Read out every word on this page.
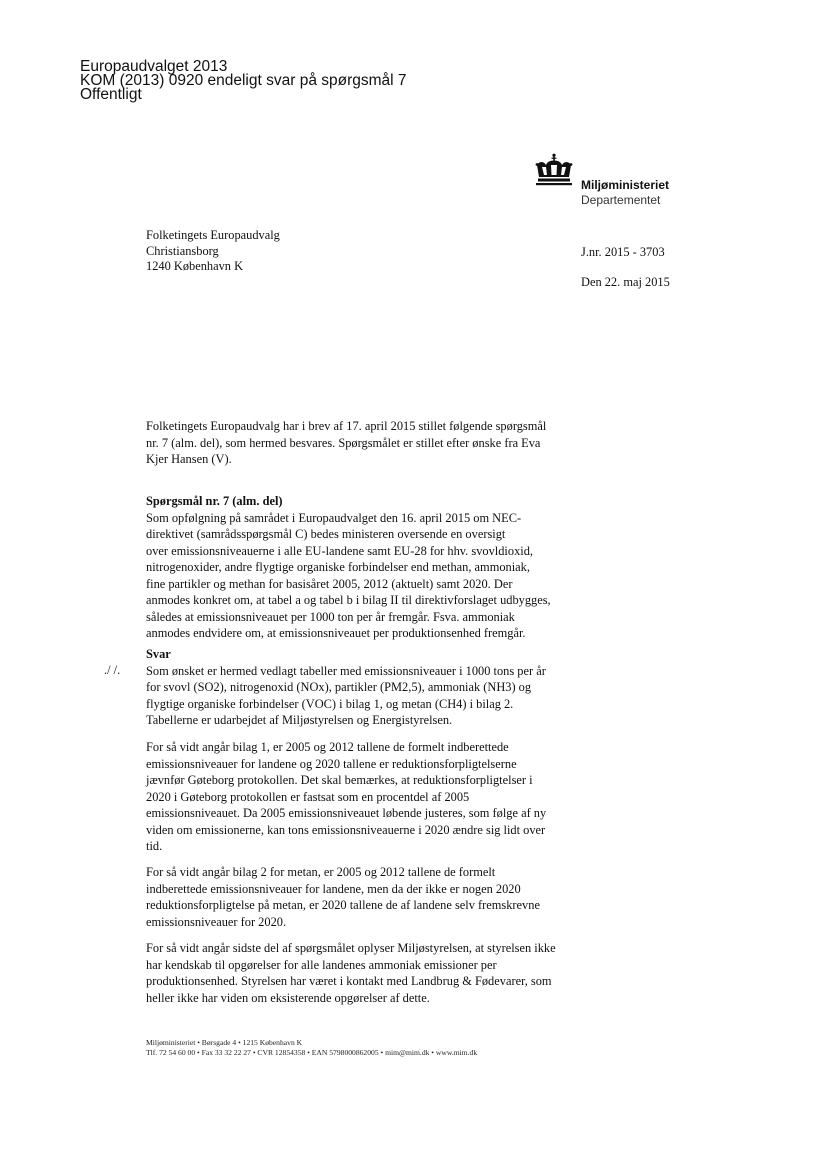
Europaudvalget 2013
KOM (2013) 0920 endeligt svar på spørgsmål 7
Offentligt
Miljøministeriet
Departementet
Folketingets Europaudvalg
Christiansborg
1240 København K
J.nr. 2015 - 3703
Den 22. maj 2015
Folketingets Europaudvalg har i brev af 17. april 2015 stillet følgende spørgsmål
nr. 7 (alm. del), som hermed besvares. Spørgsmålet er stillet efter ønske fra Eva
Kjer Hansen (V).
Spørgsmål nr. 7 (alm. del)
Som opfølgning på samrådet i Europaudvalget den 16. april 2015 om NEC-
direktivet (samrådsspørgsmål C) bedes ministeren oversende en oversigt
over emissionsniveauerne i alle EU-landene samt EU-28 for hhv. svovldioxid,
nitrogenoxider, andre flygtige organiske forbindelser end methan, ammoniak,
fine partikler og methan for basisåret 2005, 2012 (aktuelt) samt 2020. Der
anmodes konkret om, at tabel a og tabel b i bilag II til direktivforslaget udbygges,
således at emissionsniveauet per 1000 ton per år fremgår. Fsva. ammoniak
anmodes endvidere om, at emissionsniveauet per produktionsenhed fremgår.
./ /.
Svar
Som ønsket er hermed vedlagt tabeller med emissionsniveauer i 1000 tons per år
for svovl (SO2), nitrogenoxid (NOx), partikler (PM2,5), ammoniak (NH3) og
flygtige organiske forbindelser (VOC) i bilag 1, og metan (CH4) i bilag 2.
Tabellerne er udarbejdet af Miljøstyrelsen og Energistyrelsen.
For så vidt angår bilag 1, er 2005 og 2012 tallene de formelt indberettede
emissionsniveauer for landene og 2020 tallene er reduktionsforpligtelserne
jævnfør Gøteborg protokollen. Det skal bemærkes, at reduktionsforpligtelser i
2020 i Gøteborg protokollen er fastsat som en procentdel af 2005
emissionsniveauet. Da 2005 emissionsniveauet løbende justeres, som følge af ny
viden om emissionerne, kan tons emissionsniveauerne i 2020 ændre sig lidt over
tid.
For så vidt angår bilag 2 for metan, er 2005 og 2012 tallene de formelt
indberettede emissionsniveauer for landene, men da der ikke er nogen 2020
reduktionsforpligtelse på metan, er 2020 tallene de af landene selv fremskrevne
emissionsniveauer for 2020.
For så vidt angår sidste del af spørgsmålet oplyser Miljøstyrelsen, at styrelsen ikke
har kendskab til opgørelser for alle landenes ammoniak emissioner per
produktionsenhed. Styrelsen har været i kontakt med Landbrug & Fødevarer, som
heller ikke har viden om eksisterende opgørelser af dette.
Miljøministeriet • Børsgade 4 • 1215 København K
Tlf. 72 54 60 00 • Fax 33 32 22 27 • CVR 12854358 • EAN 5798000862005 • mim@mim.dk • www.mim.dk
